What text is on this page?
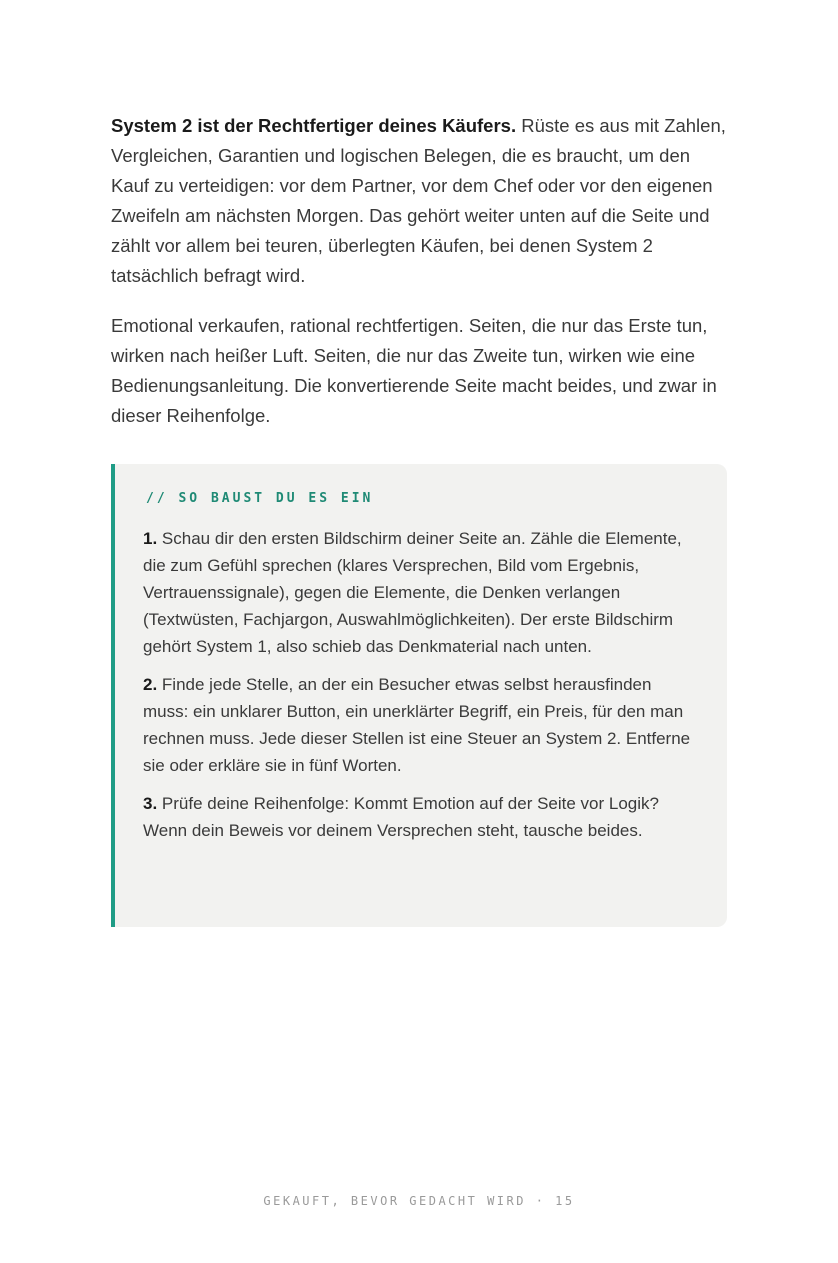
System 2 ist der Rechtfertiger deines Käufers. Rüste es aus mit Zahlen, Vergleichen, Garantien und logischen Belegen, die es braucht, um den Kauf zu verteidigen: vor dem Partner, vor dem Chef oder vor den eigenen Zweifeln am nächsten Morgen. Das gehört weiter unten auf die Seite und zählt vor allem bei teuren, überlegten Käufen, bei denen System 2 tatsächlich befragt wird.

Emotional verkaufen, rational rechtfertigen. Seiten, die nur das Erste tun, wirken nach heißer Luft. Seiten, die nur das Zweite tun, wirken wie eine Bedienungsanleitung. Die konvertierende Seite macht beides, und zwar in dieser Reihenfolge.

// SO BAUST DU ES EIN

1. Schau dir den ersten Bildschirm deiner Seite an. Zähle die Elemente, die zum Gefühl sprechen (klares Versprechen, Bild vom Ergebnis, Vertrauenssignale), gegen die Elemente, die Denken verlangen (Textwüsten, Fachjargon, Auswahlmöglichkeiten). Der erste Bildschirm gehört System 1, also schieb das Denkmaterial nach unten.

2. Finde jede Stelle, an der ein Besucher etwas selbst herausfinden muss: ein unklarer Button, ein unerklärter Begriff, ein Preis, für den man rechnen muss. Jede dieser Stellen ist eine Steuer an System 2. Entferne sie oder erkläre sie in fünf Worten.

3. Prüfe deine Reihenfolge: Kommt Emotion auf der Seite vor Logik? Wenn dein Beweis vor deinem Versprechen steht, tausche beides.

GEKAUFT, BEVOR GEDACHT WIRD · 15
